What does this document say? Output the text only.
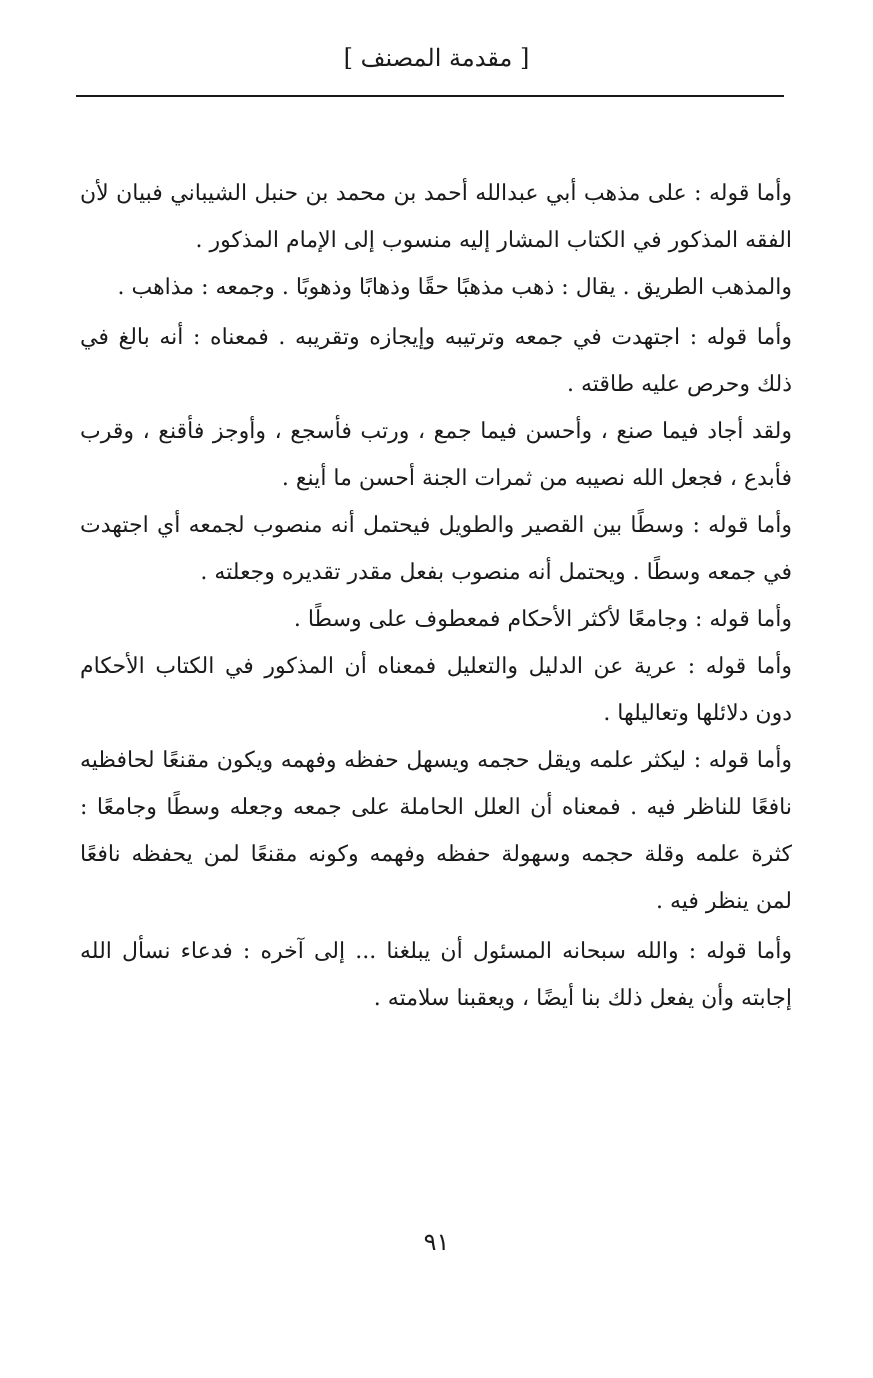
[ مقدمة المصنف ]

وأما قوله : على مذهب أبي عبدالله أحمد بن محمد بن حنبل الشيباني فبيان لأن الفقه المذكور في الكتاب المشار إليه منسوب إلى الإمام المذكور .

والمذهب الطريق . يقال : ذهب مذهبًا حقًا وذهابًا وذهوبًا . وجمعه : مذاهب .

وأما قوله : اجتهدت في جمعه وترتيبه وإيجازه وتقريبه . فمعناه : أنه بالغ في ذلك وحرص عليه طاقته .

ولقد أجاد فيما صنع ، وأحسن فيما جمع ، ورتب فأسجع ، وأوجز فأقنع ، وقرب فأبدع ، فجعل الله نصيبه من ثمرات الجنة أحسن ما أينع .

وأما قوله : وسطًا بين القصير والطويل فيحتمل أنه منصوب لجمعه أي اجتهدت في جمعه وسطًا . ويحتمل أنه منصوب بفعل مقدر تقديره وجعلته .

وأما قوله : وجامعًا لأكثر الأحكام فمعطوف على وسطًا .

وأما قوله : عرية عن الدليل والتعليل فمعناه أن المذكور في الكتاب الأحكام دون دلائلها وتعاليلها .

وأما قوله : ليكثر علمه ويقل حجمه ويسهل حفظه وفهمه ويكون مقنعًا لحافظيه نافعًا للناظر فيه . فمعناه أن العلل الحاملة على جمعه وجعله وسطًا وجامعًا : كثرة علمه وقلة حجمه وسهولة حفظه وفهمه وكونه مقنعًا لمن يحفظه نافعًا لمن ينظر فيه .

وأما قوله : والله سبحانه المسئول أن يبلغنا ... إلى آخره : فدعاء نسأل الله إجابته وأن يفعل ذلك بنا أيضًا ، ويعقبنا سلامته .

٩١
